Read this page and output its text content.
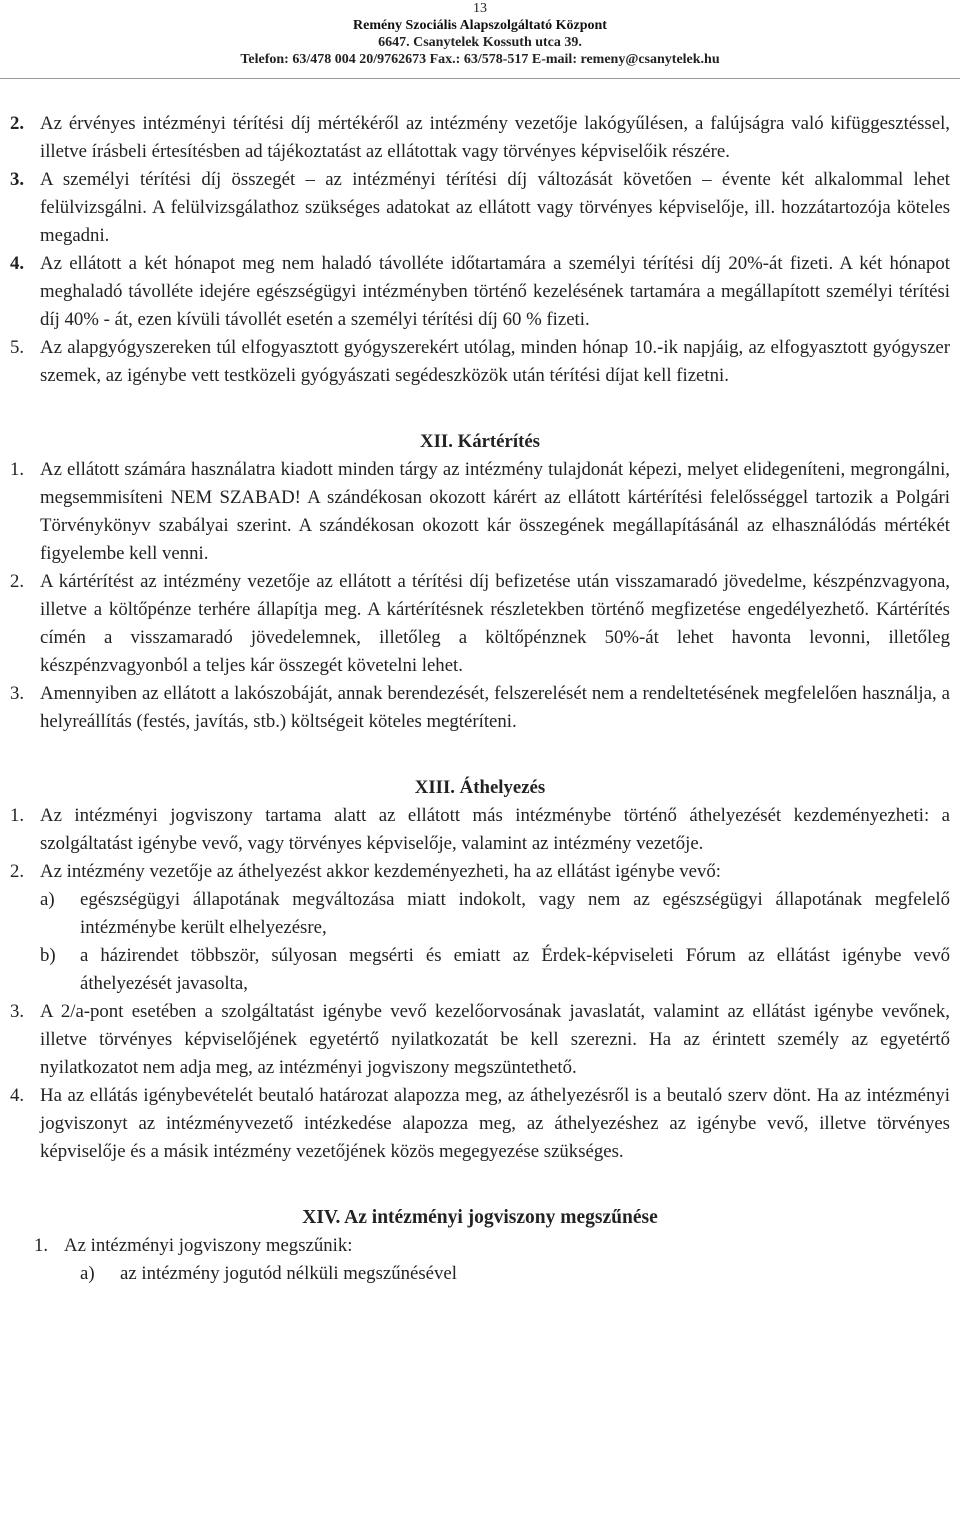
13
Remény Szociális Alapszolgáltató Központ
6647. Csanytelek Kossuth utca 39.
Telefon: 63/478 004 20/9762673 Fax.: 63/578-517 E-mail: remeny@csanytelek.hu
2. Az érvényes intézményi térítési díj mértékéről az intézmény vezetője lakógyűlésen, a falújságra való kifüggesztéssel, illetve írásbeli értesítésben ad tájékoztatást az ellátottak vagy törvényes képviselőik részére.
3. A személyi térítési díj összegét – az intézményi térítési díj változását követően – évente két alkalommal lehet felülvizsgálni. A felülvizsgálathoz szükséges adatokat az ellátott vagy törvényes képviselője, ill. hozzátartozója köteles megadni.
4. Az ellátott a két hónapot meg nem haladó távolléte időtartamára a személyi térítési díj 20%-át fizeti. A két hónapot meghaladó távolléte idejére egészségügyi intézményben történő kezelésének tartamára a megállapított személyi térítési díj 40% - át, ezen kívüli távollét esetén a személyi térítési díj 60 % fizeti.
5. Az alapgyógyszereken túl elfogyasztott gyógyszerekért utólag, minden hónap 10.-ik napjáig, az elfogyasztott gyógyszer szemek, az igénybe vett testközeli gyógyászati segédeszközök után térítési díjat kell fizetni.
XII. Kártérítés
1. Az ellátott számára használatra kiadott minden tárgy az intézmény tulajdonát képezi, melyet elidegeníteni, megrongálni, megsemmisíteni NEM SZABAD! A szándékosan okozott kárért az ellátott kártérítési felelősséggel tartozik a Polgári Törvénykönyv szabályai szerint. A szándékosan okozott kár összegének megállapításánál az elhasználódás mértékét figyelembe kell venni.
2. A kártérítést az intézmény vezetője az ellátott a térítési díj befizetése után visszamaradó jövedelme, készpénzvagyona, illetve a költőpénze terhére állapítja meg. A kártérítésnek részletekben történő megfizetése engedélyezhető. Kártérítés címén a visszamaradó jövedelemnek, illetőleg a költőpénznek 50%-át lehet havonta levonni, illetőleg készpénzvagyonból a teljes kár összegét követelni lehet.
3. Amennyiben az ellátott a lakószobáját, annak berendezését, felszerelését nem a rendeltetésének megfelelően használja, a helyreállítás (festés, javítás, stb.) költségeit köteles megtéríteni.
XIII. Áthelyezés
1. Az intézményi jogviszony tartama alatt az ellátott más intézménybe történő áthelyezését kezdeményezheti: a szolgáltatást igénybe vevő, vagy törvényes képviselője, valamint az intézmény vezetője.
2. Az intézmény vezetője az áthelyezést akkor kezdeményezheti, ha az ellátást igénybe vevő:
a)	egészségügyi állapotának megváltozása miatt indokolt, vagy nem az egészségügyi állapotának megfelelő intézménybe került elhelyezésre,
b)	a házirendet többször, súlyosan megsérti és emiatt az Érdek-képviseleti Fórum az ellátást igénybe vevő áthelyezését javasolta,
3. A 2/a-pont esetében a szolgáltatást igénybe vevő kezelőorvosának javaslatát, valamint az ellátást igénybe vevőnek, illetve törvényes képviselőjének egyetértő nyilatkozatát be kell szerezni. Ha az érintett személy az egyetértő nyilatkozatot nem adja meg, az intézményi jogviszony megszüntethető.
4. Ha az ellátás igénybevételét beutaló határozat alapozza meg, az áthelyezésről is a beutaló szerv dönt. Ha az intézményi jogviszonyt az intézményvezető intézkedése alapozza meg, az áthelyezéshez az igénybe vevő, illetve törvényes képviselője és a másik intézmény vezetőjének közös megegyezése szükséges.
XIV. Az intézményi jogviszony megszűnése
1. Az intézményi jogviszony megszűnik:
a)	az intézmény jogutód nélküli megszűnésével
